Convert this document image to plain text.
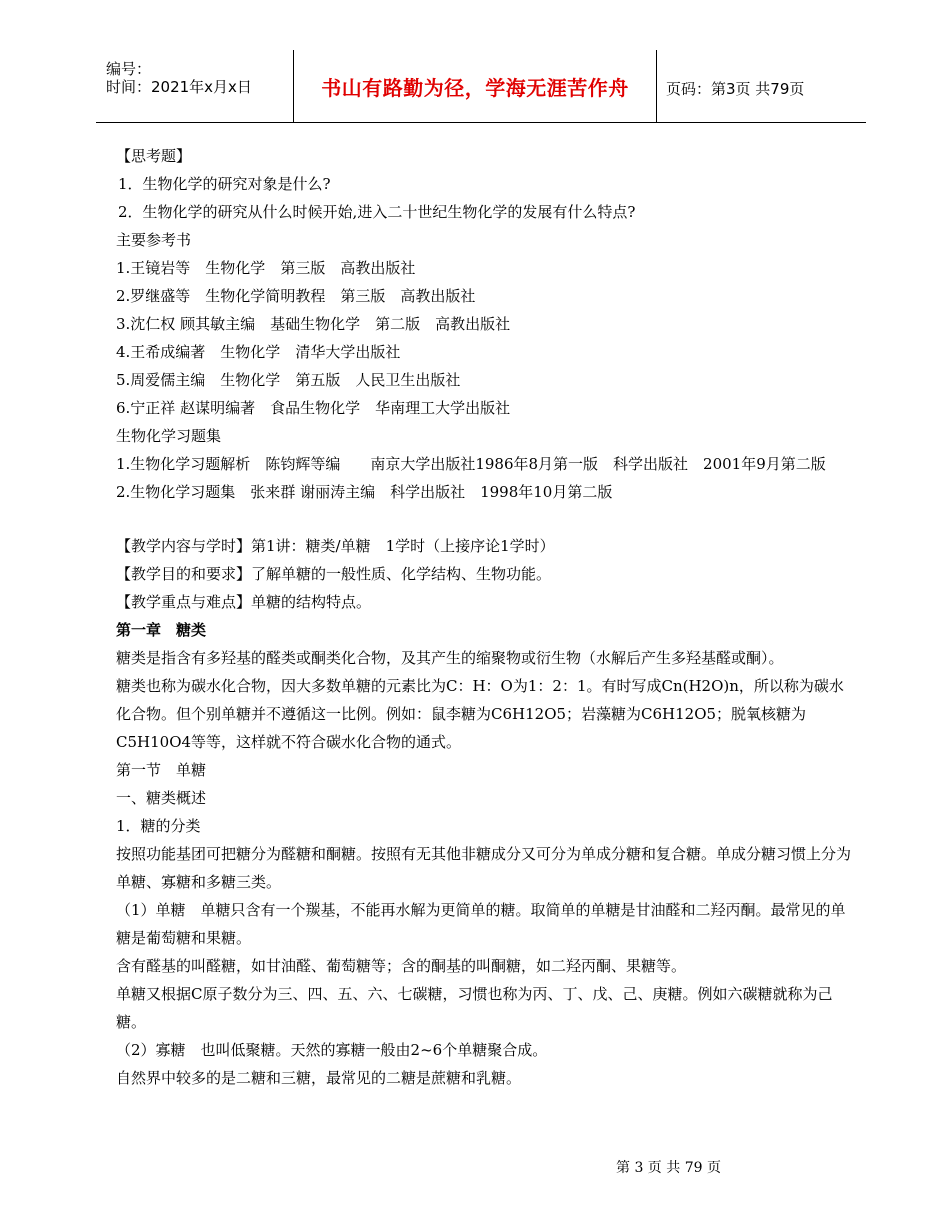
编号：
时间：2021年x月x日	书山有路勤为径，学海无涯苦作舟	页码：第3页 共79页

【思考题】

1．生物化学的研究对象是什么?

2．生物化学的研究从什么时候开始,进入二十世纪生物化学的发展有什么特点?

主要参考书

1.王镜岩等　生物化学　第三版　高教出版社

2.罗继盛等　生物化学简明教程　第三版　高教出版社

3.沈仁权 顾其敏主编　基础生物化学　第二版　高教出版社

4.王希成编著　生物化学　清华大学出版社

5.周爱儒主编　生物化学　第五版　人民卫生出版社

6.宁正祥 赵谋明编著　食品生物化学　华南理工大学出版社

生物化学习题集

1.生物化学习题解析　陈钧辉等编　　南京大学出版社1986年8月第一版　科学出版社　2001年9月第二版

2.生物化学习题集　张来群 谢丽涛主编　科学出版社　1998年10月第二版

【教学内容与学时】第1讲：糖类/单糖　1学时（上接序论1学时）

【教学目的和要求】了解单糖的一般性质、化学结构、生物功能。

【教学重点与难点】单糖的结构特点。

第一章　糖类

糖类是指含有多羟基的醛类或酮类化合物，及其产生的缩聚物或衍生物（水解后产生多羟基醛或酮）。

糖类也称为碳水化合物，因大多数单糖的元素比为C：H：O为1：2：1。有时写成Cn(H2O)n，所以称为碳水化合物。但个别单糖并不遵循这一比例。例如：鼠李糖为C6H12O5；岩藻糖为C6H12O5；脱氧核糖为C5H10O4等等，这样就不符合碳水化合物的通式。

第一节　单糖

一、糖类概述

1．糖的分类

按照功能基团可把糖分为醛糖和酮糖。按照有无其他非糖成分又可分为单成分糖和复合糖。单成分糖习惯上分为单糖、寡糖和多糖三类。

（1）单糖　单糖只含有一个羰基，不能再水解为更简单的糖。取简单的单糖是甘油醛和二羟丙酮。最常见的单糖是葡萄糖和果糖。

含有醛基的叫醛糖，如甘油醛、葡萄糖等；含的酮基的叫酮糖，如二羟丙酮、果糖等。

单糖又根据C原子数分为三、四、五、六、七碳糖，习惯也称为丙、丁、戊、己、庚糖。例如六碳糖就称为己糖。

（2）寡糖　也叫低聚糖。天然的寡糖一般由2~6个单糖聚合成。

自然界中较多的是二糖和三糖，最常见的二糖是蔗糖和乳糖。

第 3 页 共 79 页
